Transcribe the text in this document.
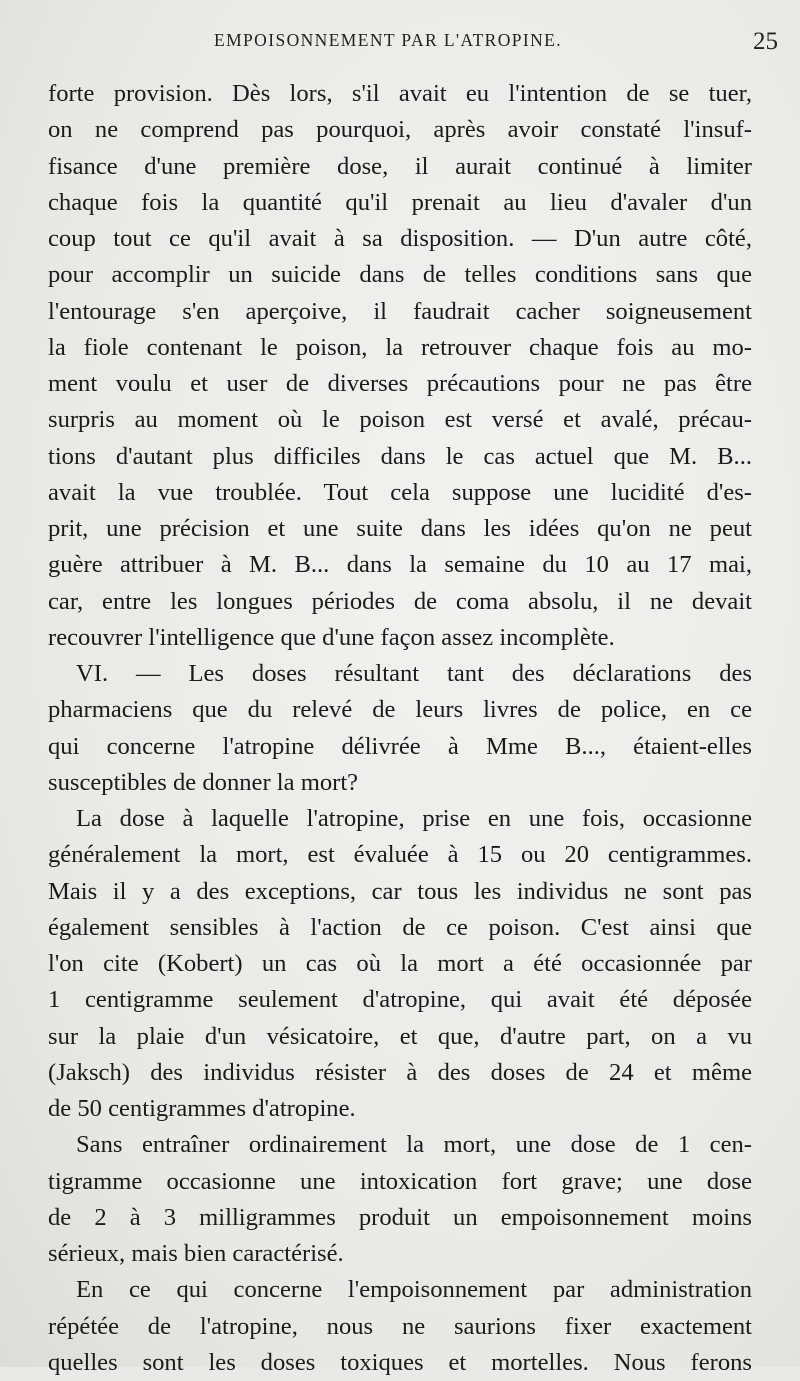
EMPOISONNEMENT PAR L'ATROPINE.	25
forte provision. Dès lors, s'il avait eu l'intention de se tuer,
on ne comprend pas pourquoi, après avoir constaté l'insuf-
fisance d'une première dose, il aurait continué à limiter
chaque fois la quantité qu'il prenait au lieu d'avaler d'un
coup tout ce qu'il avait à sa disposition. — D'un autre côté,
pour accomplir un suicide dans de telles conditions sans que
l'entourage s'en aperçoive, il faudrait cacher soigneusement
la fiole contenant le poison, la retrouver chaque fois au mo-
ment voulu et user de diverses précautions pour ne pas être
surpris au moment où le poison est versé et avalé, précau-
tions d'autant plus difficiles dans le cas actuel que M. B...
avait la vue troublée. Tout cela suppose une lucidité d'es-
prit, une précision et une suite dans les idées qu'on ne peut
guère attribuer à M. B... dans la semaine du 10 au 17 mai,
car, entre les longues périodes de coma absolu, il ne devait
recouvrer l'intelligence que d'une façon assez incomplète.
VI. — Les doses résultant tant des déclarations des
pharmaciens que du relevé de leurs livres de police, en ce
qui concerne l'atropine délivrée à Mme B..., étaient-elles
susceptibles de donner la mort?
La dose à laquelle l'atropine, prise en une fois, occasionne
généralement la mort, est évaluée à 15 ou 20 centigrammes.
Mais il y a des exceptions, car tous les individus ne sont pas
également sensibles à l'action de ce poison. C'est ainsi que
l'on cite (Kobert) un cas où la mort a été occasionnée par
1 centigramme seulement d'atropine, qui avait été déposée
sur la plaie d'un vésicatoire, et que, d'autre part, on a vu
(Jaksch) des individus résister à des doses de 24 et même
de 50 centigrammes d'atropine.
Sans entraîner ordinairement la mort, une dose de 1 cen-
tigramme occasionne une intoxication fort grave; une dose
de 2 à 3 milligrammes produit un empoisonnement moins
sérieux, mais bien caractérisé.
En ce qui concerne l'empoisonnement par administration
répétée de l'atropine, nous ne saurions fixer exactement
quelles sont les doses toxiques et mortelles. Nous ferons
